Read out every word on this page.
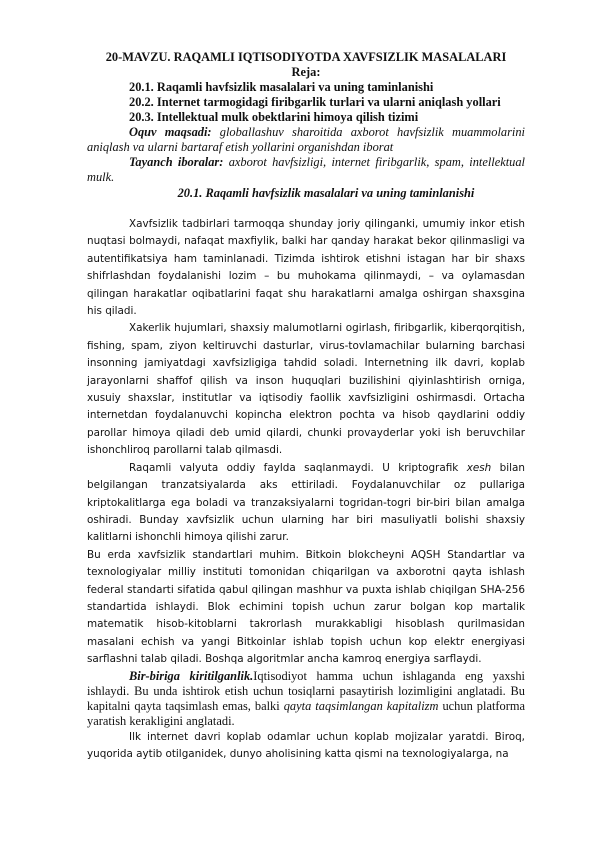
20-MAVZU. RAQAMLI IQTISODIYOTDA XAVFSIZLIK MASALALARI

Reja:

20.1. Raqamli havfsizlik masalalari va uning taminlanishi

20.2. Internet tarmogidagi firibgarlik turlari va ularni aniqlash yollari

20.3. Intellektual mulk obektlarini himoya qilish tizimi

Oquv maqsadi: globallashuv sharoitida axborot havfsizlik muammolarini aniqlash va ularni bartaraf etish yollarini organishdan iborat

Tayanch iboralar: axborot havfsizligi, internet firibgarlik, spam, intellektual mulk.

20.1. Raqamli havfsizlik masalalari va uning taminlanishi

Xavfsizlik tadbirlari tarmoqqa shunday joriy qilinganki, umumiy inkor etish nuqtasi bolmaydi, nafaqat maxfiylik, balki har qanday harakat bekor qilinmasligi va autentifikatsiya ham taminlanadi. Tizimda ishtirok etishni istagan har bir shaxs shifrlashdan foydalanishi lozim – bu muhokama qilinmaydi, – va oylamasdan qilingan harakatlar oqibatlarini faqat shu harakatlarni amalga oshirgan shaxsgina his qiladi.

Xakerlik hujumlari, shaxsiy malumotlarni ogirlash, firibgarlik, kiberqorqitish, fishing, spam, ziyon keltiruvchi dasturlar, virus-tovlamachilar bularning barchasi insonning jamiyatdagi xavfsizligiga tahdid soladi. Internetning ilk davri, koplab jarayonlarni shaffof qilish va inson huquqlari buzilishini qiyinlashtirish orniga, xusuiy shaxslar, institutlar va iqtisodiy faollik xavfsizligini oshirmasdi. Ortacha internetdan foydalanuvchi kopincha elektron pochta va hisob qaydlarini oddiy parollar himoya qiladi deb umid qilardi, chunki provayderlar yoki ish beruvchilar ishonchliroq parollarni talab qilmasdi.

Raqamli valyuta oddiy faylda saqlanmaydi. U kriptografik xesh bilan belgilangan tranzatsiyalarda aks ettiriladi. Foydalanuvchilar oz pullariga kriptokalitlarga ega boladi va tranzaksiyalarni togridan-togri bir-biri bilan amalga oshiradi. Bunday xavfsizlik uchun ularning har biri masuliyatli bolishi shaxsiy kalitlarni ishonchli himoya qilishi zarur.

Bu erda xavfsizlik standartlari muhim. Bitkoin blokcheyni AQSH Standartlar va texnologiyalar milliy instituti tomonidan chiqarilgan va axborotni qayta ishlash federal standarti sifatida qabul qilingan mashhur va puxta ishlab chiqilgan SHA-256 standartida ishlaydi. Blok echimini topish uchun zarur bolgan kop martalik matematik hisob-kitoblarni takrorlash murakkabligi hisoblash qurilmasidan masalani echish va yangi Bitkoinlar ishlab topish uchun kop elektr energiyasi sarflashni talab qiladi. Boshqa algoritmlar ancha kamroq energiya sarflaydi.

Bir-biriga kiritilganlik.Iqtisodiyot hamma uchun ishlaganda eng yaxshi ishlaydi. Bu unda ishtirok etish uchun tosiqlarni pasaytirish lozimligini anglatadi. Bu kapitalni qayta taqsimlash emas, balki qayta taqsimlangan kapitalizm uchun platforma yaratish kerakligini anglatadi.

Ilk internet davri koplab odamlar uchun koplab mojizalar yaratdi. Biroq, yuqorida aytib otilganidek, dunyo aholisining katta qismi na texnologiyalarga, na
